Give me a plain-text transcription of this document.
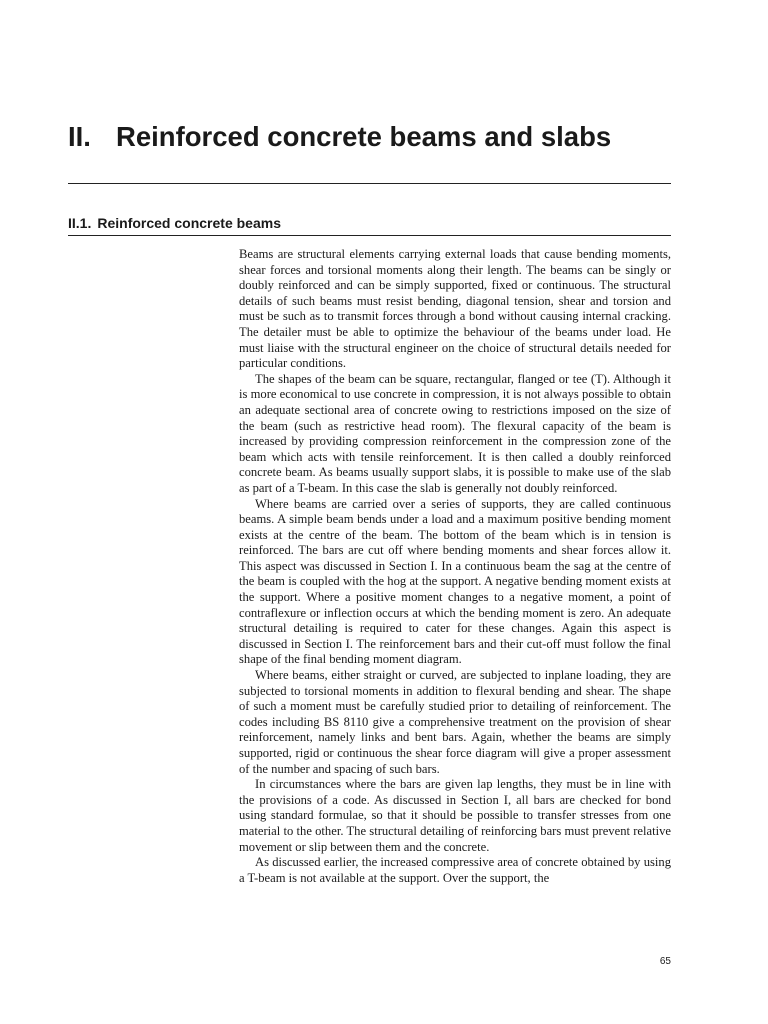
II. Reinforced concrete beams and slabs
II.1. Reinforced concrete beams

Beams are structural elements carrying external loads that cause bending moments, shear forces and torsional moments along their length. The beams can be singly or doubly reinforced and can be simply supported, fixed or continuous. The structural details of such beams must resist bending, diagonal tension, shear and torsion and must be such as to transmit forces through a bond without causing internal cracking. The detailer must be able to optimize the behaviour of the beams under load. He must liaise with the structural engineer on the choice of structural details needed for particular conditions.

The shapes of the beam can be square, rectangular, flanged or tee (T). Although it is more economical to use concrete in compression, it is not always possible to obtain an adequate sectional area of concrete owing to restrictions imposed on the size of the beam (such as restrictive head room). The flexural capacity of the beam is increased by providing compression reinforcement in the compression zone of the beam which acts with tensile reinforcement. It is then called a doubly reinforced concrete beam. As beams usually support slabs, it is possible to make use of the slab as part of a T-beam. In this case the slab is generally not doubly reinforced.

Where beams are carried over a series of supports, they are called continuous beams. A simple beam bends under a load and a maximum positive bending moment exists at the centre of the beam. The bottom of the beam which is in tension is reinforced. The bars are cut off where bending moments and shear forces allow it. This aspect was discussed in Section I. In a continuous beam the sag at the centre of the beam is coupled with the hog at the support. A negative bending moment exists at the support. Where a positive moment changes to a negative moment, a point of contraflexure or inflection occurs at which the bending moment is zero. An adequate structural detailing is required to cater for these changes. Again this aspect is discussed in Section I. The reinforcement bars and their cut-off must follow the final shape of the final bending moment diagram.

Where beams, either straight or curved, are subjected to inplane loading, they are subjected to torsional moments in addition to flexural bending and shear. The shape of such a moment must be carefully studied prior to detailing of reinforcement. The codes including BS 8110 give a comprehensive treatment on the provision of shear reinforcement, namely links and bent bars. Again, whether the beams are simply supported, rigid or continuous the shear force diagram will give a proper assessment of the number and spacing of such bars.

In circumstances where the bars are given lap lengths, they must be in line with the provisions of a code. As discussed in Section I, all bars are checked for bond using standard formulae, so that it should be possible to transfer stresses from one material to the other. The structural detailing of reinforcing bars must prevent relative movement or slip between them and the concrete.

As discussed earlier, the increased compressive area of concrete obtained by using a T-beam is not available at the support. Over the support, the

65
